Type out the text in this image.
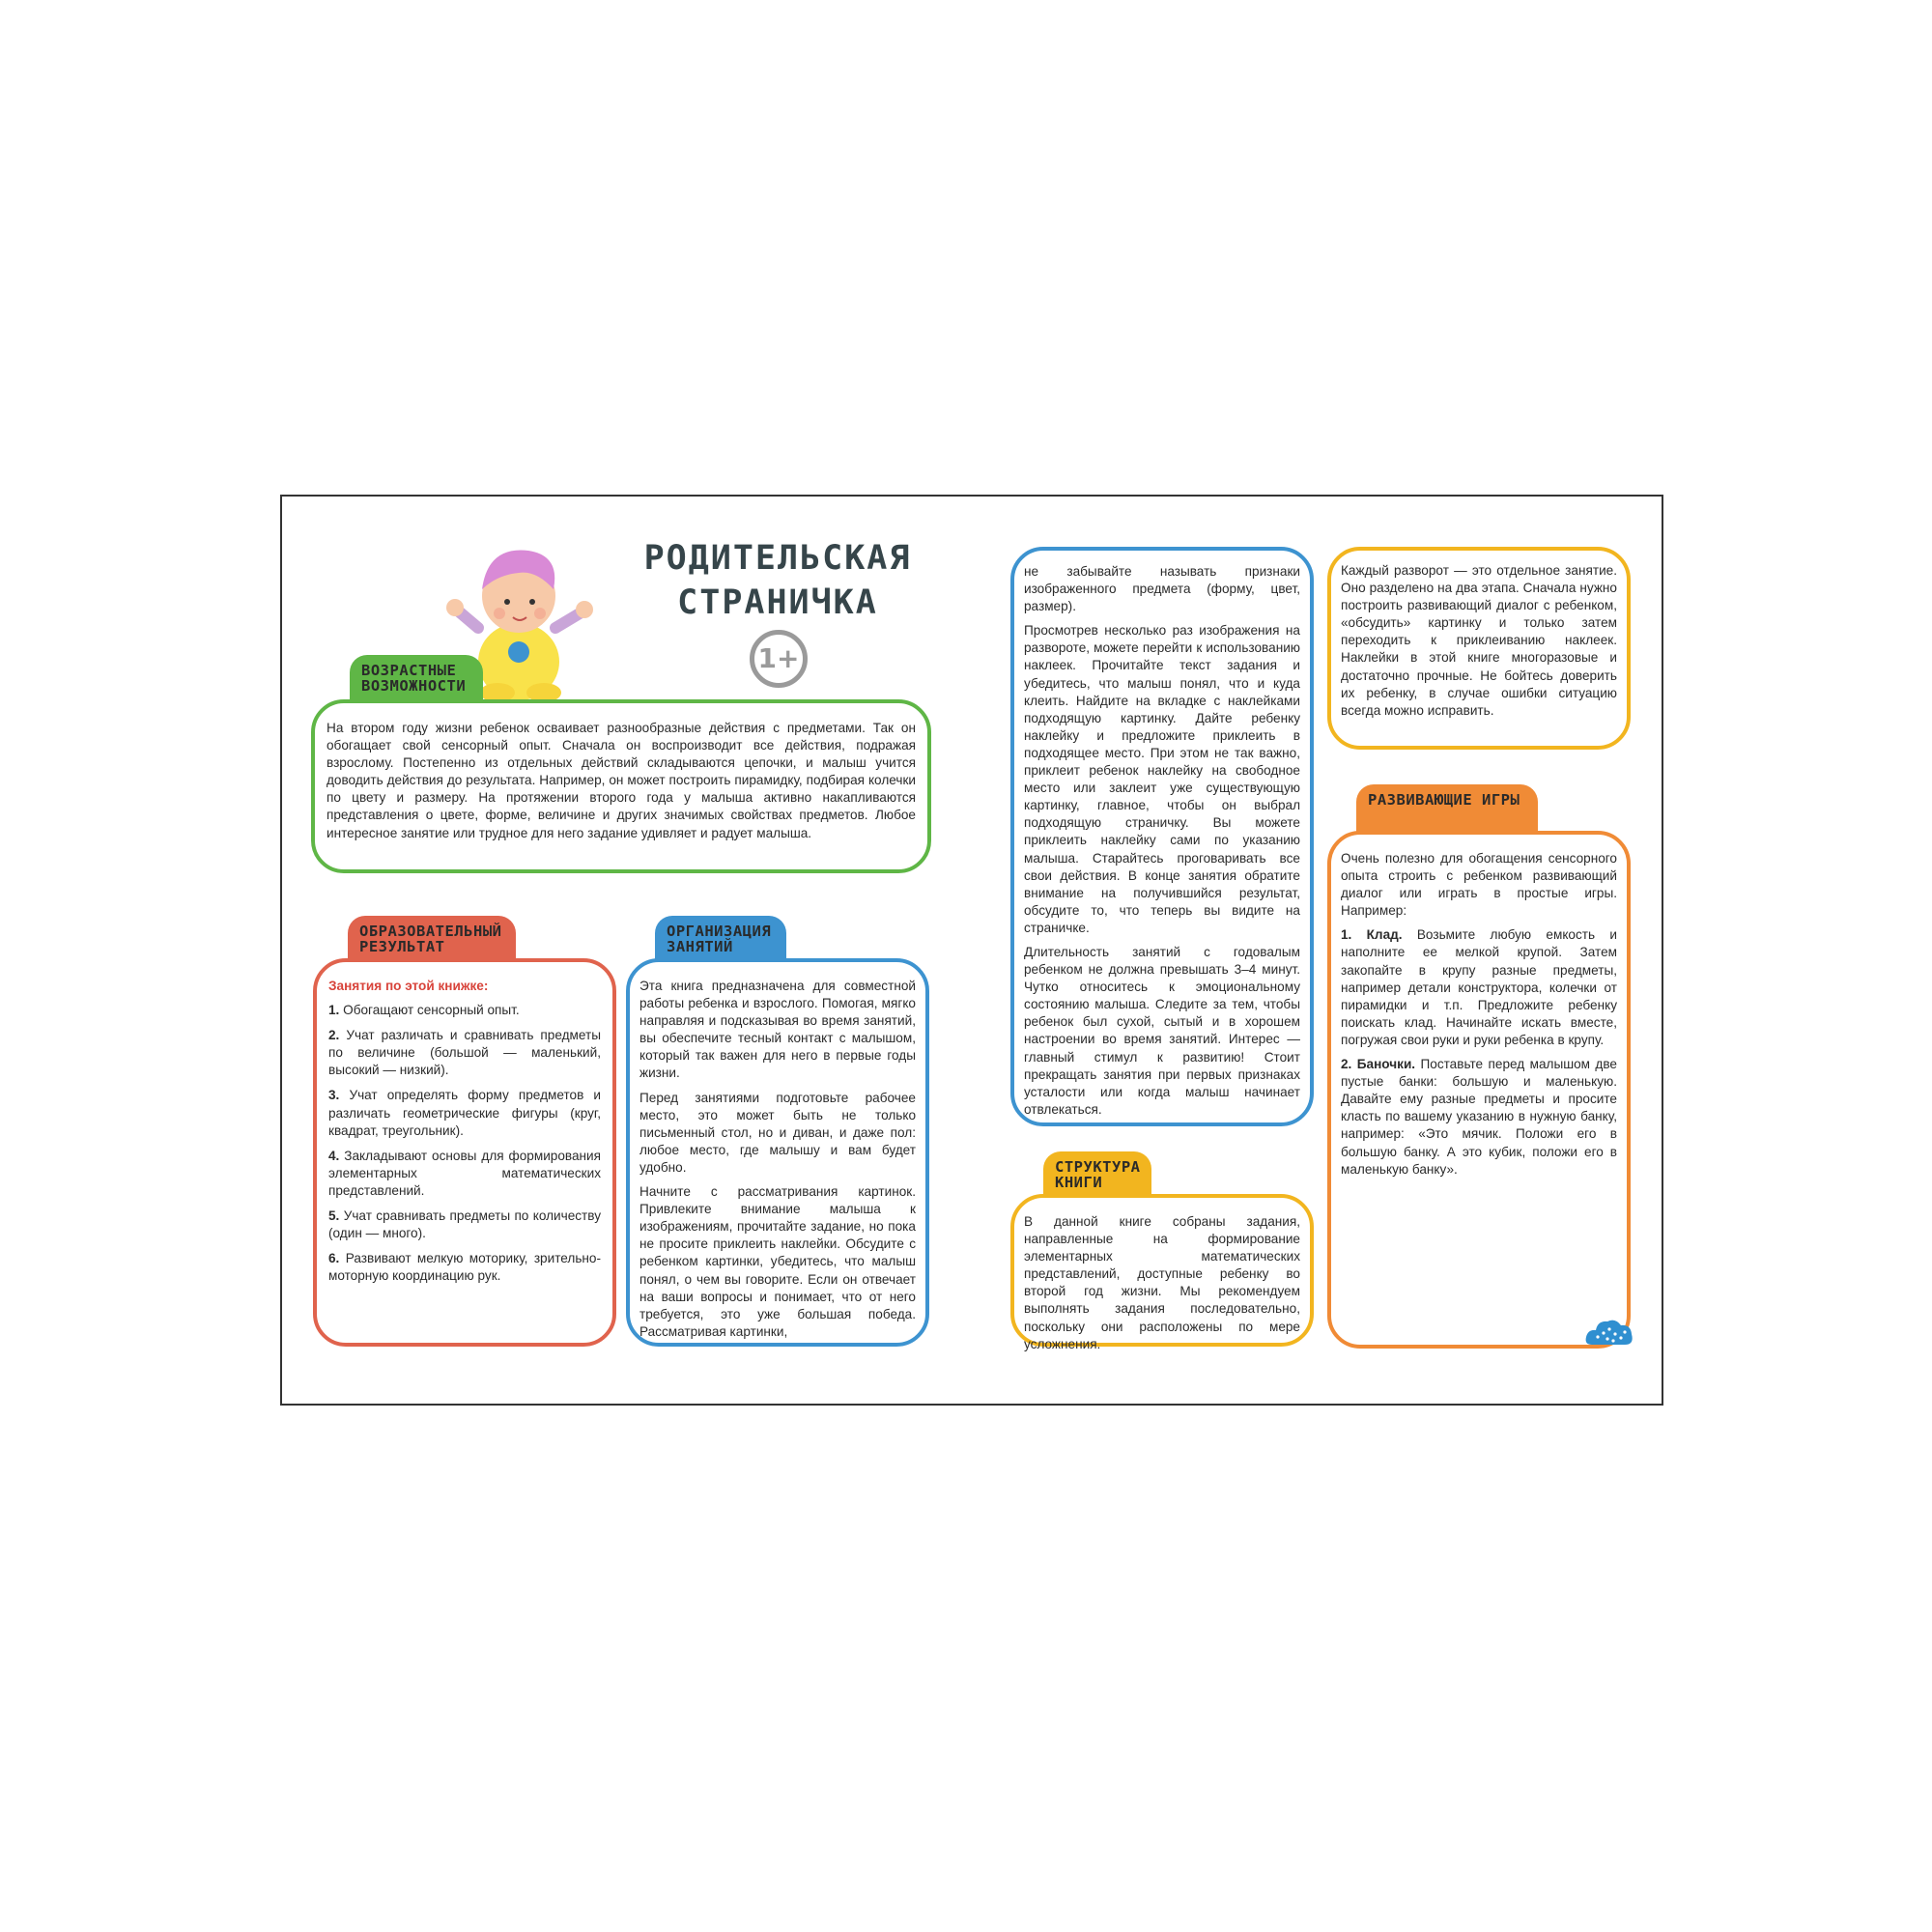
РОДИТЕЛЬСКАЯ
СТРАНИЧКА
1+
ВОЗРАСТНЫЕ ВОЗМОЖНОСТИ
На втором году жизни ребенок осваивает разнообразные действия с предметами. Так он обогащает свой сенсорный опыт. Сначала он воспроизводит все действия, подражая взрослому. Постепенно из отдельных действий складываются цепочки, и малыш учится доводить действия до результата. Например, он может построить пирамидку, подбирая колечки по цвету и размеру. На протяжении второго года у малыша активно накапливаются представления о цвете, форме, величине и других значимых свойствах предметов. Любое интересное занятие или трудное для него задание удивляет и радует малыша.
ОБРАЗОВАТЕЛЬНЫЙ РЕЗУЛЬТАТ

Занятия по этой книжке:

1. Обогащают сенсорный опыт.
2. Учат различать и сравнивать предметы по величине (большой — маленький, высокий — низкий).
3. Учат определять форму предметов и различать геометрические фигуры (круг, квадрат, треугольник).
4. Закладывают основы для формирования элементарных математических представлений.
5. Учат сравнивать предметы по количеству (один — много).
6. Развивают мелкую моторику, зрительно-моторную координацию рук.
ОРГАНИЗАЦИЯ ЗАНЯТИЙ

Эта книга предназначена для совместной работы ребенка и взрослого. Помогая, мягко направляя и подсказывая во время занятий, вы обеспечите тесный контакт с малышом, который так важен для него в первые годы жизни.

Перед занятиями подготовьте рабочее место, это может быть не только письменный стол, но и диван, и даже пол: любое место, где малышу и вам будет удобно.

Начните с рассматривания картинок. Привлеките внимание малыша к изображениям, прочитайте задание, но пока не просите приклеить наклейки. Обсудите с ребенком картинки, убедитесь, что малыш понял, о чем вы говорите. Если он отвечает на ваши вопросы и понимает, что от него требуется, это уже большая победа. Рассматривая картинки,

не забывайте называть признаки изображенного предмета (форму, цвет, размер).

Просмотрев несколько раз изображения на развороте, можете перейти к использованию наклеек. Прочитайте текст задания и убедитесь, что малыш понял, что и куда клеить. Найдите на вкладке с наклейками подходящую картинку. Дайте ребенку наклейку и предложите приклеить в подходящее место. При этом не так важно, приклеит ребенок наклейку на свободное место или заклеит уже существующую картинку, главное, чтобы он выбрал подходящую страничку. Вы можете приклеить наклейку сами по указанию малыша. Старайтесь проговаривать все свои действия. В конце занятия обратите внимание на получившийся результат, обсудите то, что теперь вы видите на страничке.

Длительность занятий с годовалым ребенком не должна превышать 3–4 минут. Чутко относитесь к эмоциональному состоянию малыша. Следите за тем, чтобы ребенок был сухой, сытый и в хорошем настроении во время занятий. Интерес — главный стимул к развитию! Стоит прекращать занятия при первых признаках усталости или когда малыш начинает отвлекаться.

Каждый разворот — это отдельное занятие. Оно разделено на два этапа. Сначала нужно построить развивающий диалог с ребенком, «обсудить» картинку и только затем переходить к приклеиванию наклеек. Наклейки в этой книге многоразовые и достаточно прочные. Не бойтесь доверить их ребенку, в случае ошибки ситуацию всегда можно исправить.
СТРУКТУРА КНИГИ
В данной книге собраны задания, направленные на формирование элементарных математических представлений, доступные ребенку во второй год жизни. Мы рекомендуем выполнять задания последовательно, поскольку они расположены по мере усложнения.
РАЗВИВАЮЩИЕ ИГРЫ

Очень полезно для обогащения сенсорного опыта строить с ребенком развивающий диалог или играть в простые игры. Например:

1. Клад. Возьмите любую емкость и наполните ее мелкой крупой. Затем закопайте в крупу разные предметы, например детали конструктора, колечки от пирамидки и т.п. Предложите ребенку поискать клад. Начинайте искать вместе, погружая свои руки и руки ребенка в крупу.

2. Баночки. Поставьте перед малышом две пустые банки: большую и маленькую. Давайте ему разные предметы и просите класть по вашему указанию в нужную банку, например: «Это мячик. Положи его в большую банку. А это кубик, положи его в маленькую банку».
